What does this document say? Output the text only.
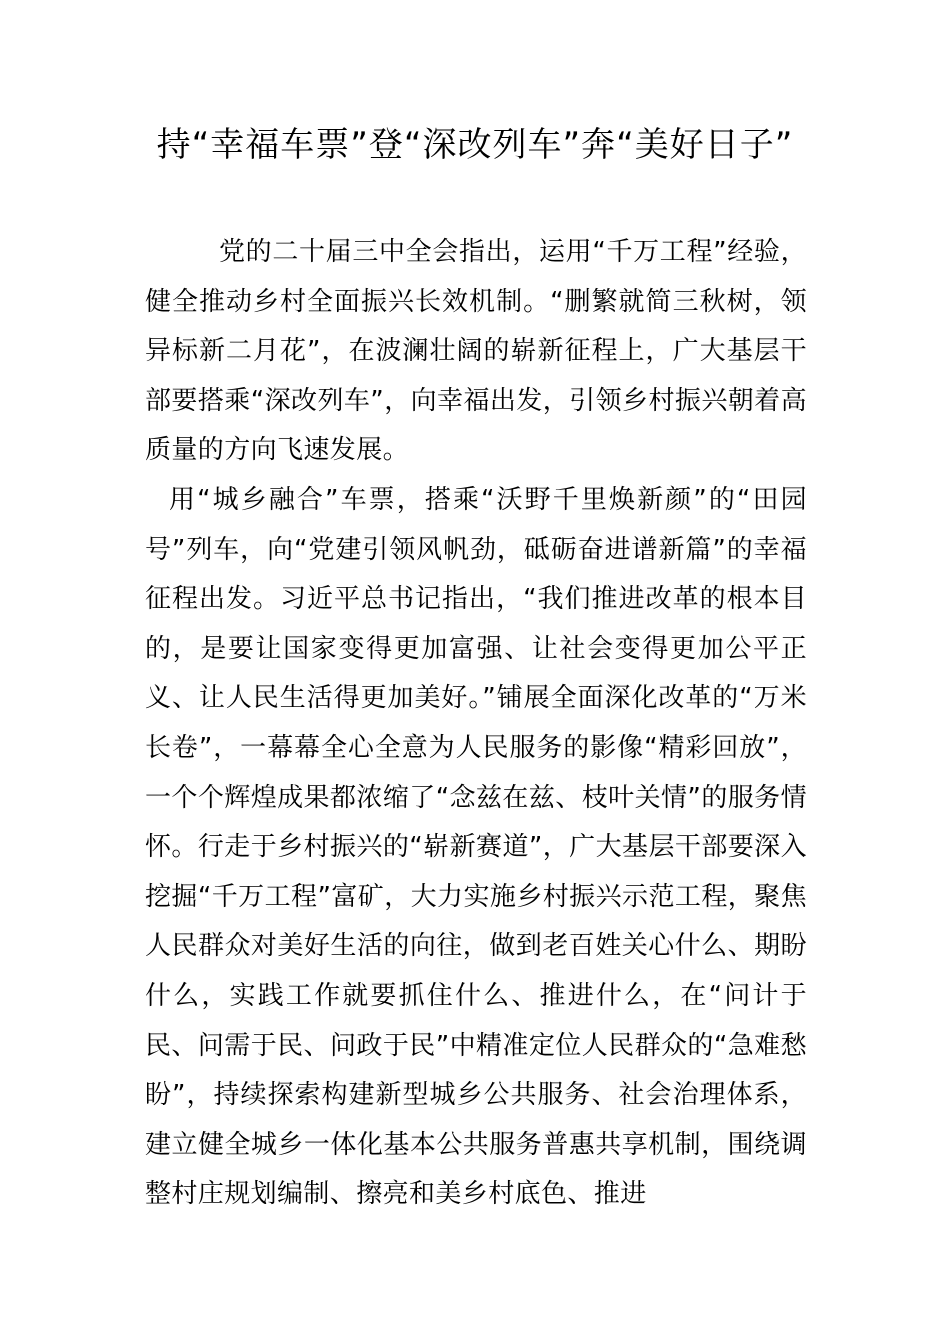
持“幸福车票”登“深改列车”奔“美好日子”

党的二十届三中全会指出，运用“千万工程”经验，健全推动乡村全面振兴长效机制。“删繁就简三秋树，领异标新二月花”，在波澜壮阔的崭新征程上，广大基层干部要搭乘“深改列车”，向幸福出发，引领乡村振兴朝着高质量的方向飞速发展。

用“城乡融合”车票，搭乘“沃野千里焕新颜”的“田园号”列车，向“党建引领风帆劲，砥砺奋进谱新篇”的幸福征程出发。习近平总书记指出，“我们推进改革的根本目的，是要让国家变得更加富强、让社会变得更加公平正义、让人民生活得更加美好。”铺展全面深化改革的“万米长卷”，一幕幕全心全意为人民服务的影像“精彩回放”，一个个辉煌成果都浓缩了“念兹在兹、枝叶关情”的服务情怀。行走于乡村振兴的“崭新赛道”，广大基层干部要深入挖掘“千万工程”富矿，大力实施乡村振兴示范工程，聚焦人民群众对美好生活的向往，做到老百姓关心什么、期盼什么，实践工作就要抓住什么、推进什么，在“问计于民、问需于民、问政于民”中精准定位人民群众的“急难愁盼”，持续探索构建新型城乡公共服务、社会治理体系，建立健全城乡一体化基本公共服务普惠共享机制，围绕调整村庄规划编制、擦亮和美乡村底色、推进
